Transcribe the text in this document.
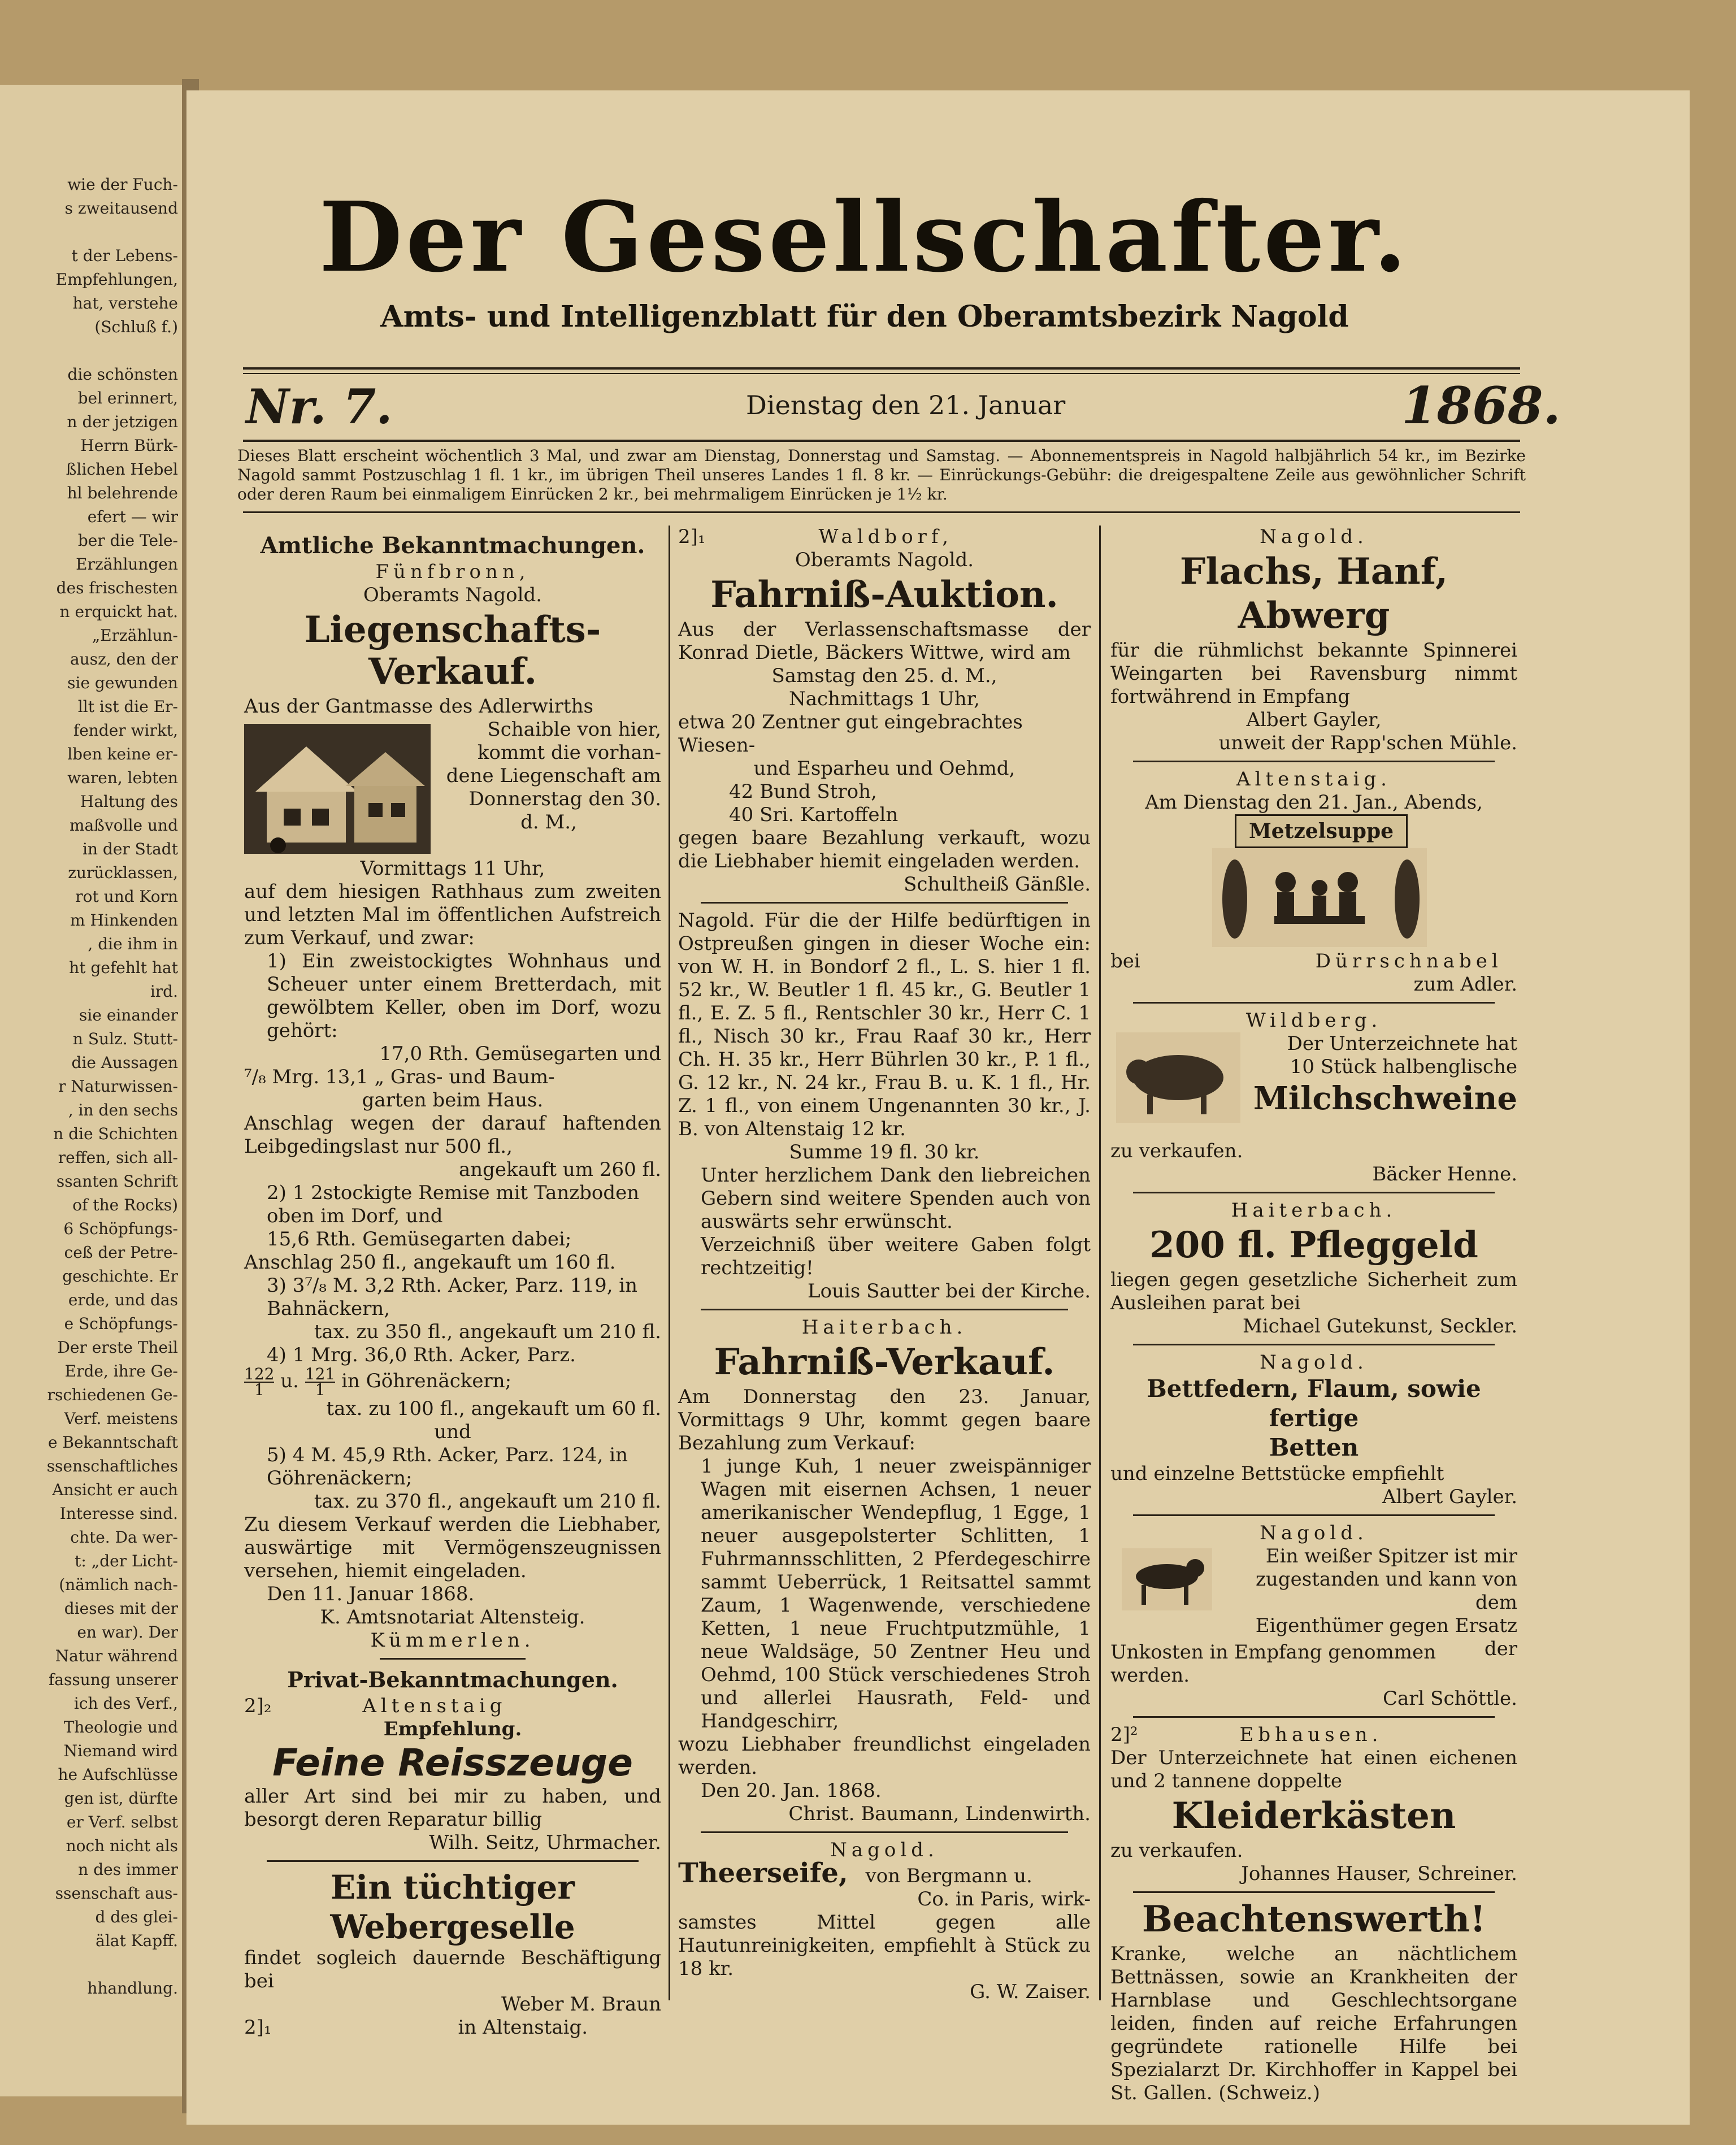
wie der Fuch-
s zweitausend
t der Lebens-
Empfehlungen,
hat, verstehe
(Schluß f.)
die schönsten
bel erinnert,
n der jetzigen
Herrn Bürk-
ßlichen Hebel
hl belehrende
efert — wir
ber die Tele-
Erzählungen
des frischesten
n erquickt hat.
„Erzählun-
ausz, den der
sie gewunden
llt ist die Er-
fender wirkt,
lben keine er-
waren, lebten
Haltung des
maßvolle und
in der Stadt
zurücklassen,
rot und Korn
m Hinkenden
, die ihm in
ht gefehlt hat
ird.
sie einander
n Sulz. Stutt-
die Aussagen
r Naturwissen-
, in den sechs
n die Schichten
reffen, sich all-
ssanten Schrift
of the Rocks)
6 Schöpfungs-
ceß der Petre-
geschichte. Er
erde, und das
e Schöpfungs-
Der erste Theil
Erde, ihre Ge-
rschiedenen Ge-
Verf. meistens
e Bekanntschaft
ssenschaftliches
Ansicht er auch
Interesse sind.
chte. Da wer-
t: „der Licht-
(nämlich nach-
dieses mit der
en war). Der
Natur während
fassung unserer
ich des Verf.,
Theologie und
Niemand wird
he Aufschlüsse
gen ist, dürfte
er Verf. selbst
noch nicht als
n des immer
ssenschaft aus-
d des glei-
älat Kapff.
hhandlung.
Der Gesellschafter.
Amts- und Intelligenzblatt für den Oberamtsbezirk Nagold
Nr. 7.	Dienstag den 21. Januar	1868.
Dieses Blatt erscheint wöchentlich 3 Mal, und zwar am Dienstag, Donnerstag und Samstag. — Abonnementspreis in Nagold halbjährlich 54 kr., im Bezirke Nagold sammt Postzuschlag 1 fl. 1 kr., im übrigen Theil unseres Landes 1 fl. 8 kr. — Einrückungs-Gebühr: die dreigespaltene Zeile aus gewöhnlicher Schrift oder deren Raum bei einmaligem Einrücken 2 kr., bei mehrmaligem Einrücken je 1½ kr.

Amtliche Bekanntmachungen.

Fünfbronn,

Oberamts Nagold.

Liegenschafts-Verkauf.

Aus der Gantmasse des Adlerwirths

Schaible von hier,

kommt die vorhan-

dene Liegenschaft am

Donnerstag den 30.

d. M.,

Vormittags 11 Uhr,

auf dem hiesigen Rathhaus zum zweiten und letzten Mal im öffentlichen Aufstreich zum Verkauf, und zwar:

1) Ein zweistockigtes Wohnhaus und Scheuer unter einem Bretterdach, mit gewölbtem Keller, oben im Dorf, wozu gehört:

17,0 Rth. Gemüsegarten und

⁷/₈ Mrg. 13,1 „ Gras- und Baum-

garten beim Haus.

Anschlag wegen der darauf haftenden Leibgedingslast nur 500 fl.,

angekauft um 260 fl.

2) 1 2stockigte Remise mit Tanzboden oben im Dorf, und

15,6 Rth. Gemüsegarten dabei;

Anschlag 250 fl., angekauft um 160 fl.

3) 3⁷/₈ M. 3,2 Rth. Acker, Parz. 119, in Bahnäckern,

tax. zu 350 fl., angekauft um 210 fl.

4) 1 Mrg. 36,0 Rth. Acker, Parz.

$\frac{122}{1} u$. $\frac{121}{1}$ in Göhrenäckern;

tax. zu 100 fl., angekauft um 60 fl.

und

5) 4 M. 45,9 Rth. Acker, Parz. 124, in Göhrenäckern;

tax. zu 370 fl., angekauft um 210 fl.

Zu diesem Verkauf werden die Liebhaber, auswärtige mit Vermögenszeugnissen versehen, hiemit eingeladen.

Den 11. Januar 1868.

K. Amtsnotariat Altensteig.

Kümmerlen.

Privat-Bekanntmachungen.

2]₂	Altenstaig

Empfehlung.

Feine Reisszeuge

aller Art sind bei mir zu haben, und besorgt deren Reparatur billig

Wilh. Seitz, Uhrmacher.

Ein tüchtiger Webergeselle

findet sogleich dauernde Beschäftigung bei

Weber M. Braun

2]₁	in Altenstaig.

2]₁	Waldborf,

Oberamts Nagold.

Fahrniß-Auktion.

Aus der Verlassenschaftsmasse der Konrad Dietle, Bäckers Wittwe, wird am

Samstag den 25. d. M.,

Nachmittags 1 Uhr,

etwa 20 Zentner gut eingebrachtes Wiesen-

und Esparheu und Oehmd,

42 Bund Stroh,

40 Sri. Kartoffeln

gegen baare Bezahlung verkauft, wozu die Liebhaber hiemit eingeladen werden.

Schultheiß Gänßle.

Nagold. Für die der Hilfe bedürftigen in Ostpreußen gingen in dieser Woche ein: von W. H. in Bondorf 2 fl., L. S. hier 1 fl. 52 kr., W. Beutler 1 fl. 45 kr., G. Beutler 1 fl., E. Z. 5 fl., Rentschler 30 kr., Herr C. 1 fl., Nisch 30 kr., Frau Raaf 30 kr., Herr Ch. H. 35 kr., Herr Bührlen 30 kr., P. 1 fl., G. 12 kr., N. 24 kr., Frau B. u. K. 1 fl., Hr. Z. 1 fl., von einem Ungenannten 30 kr., J. B. von Altenstaig 12 kr.

Summe 19 fl. 30 kr.

Unter herzlichem Dank den liebreichen Gebern sind weitere Spenden auch von auswärts sehr erwünscht.

Verzeichniß über weitere Gaben folgt rechtzeitig!

Louis Sautter bei der Kirche.

Haiterbach.

Fahrniß-Verkauf.

Am Donnerstag den 23. Januar, Vormittags 9 Uhr, kommt gegen baare Bezahlung zum Verkauf:

1 junge Kuh, 1 neuer zweispänniger Wagen mit eisernen Achsen, 1 neuer amerikanischer Wendepflug, 1 Egge, 1 neuer ausgepolsterter Schlitten, 1 Fuhrmannsschlitten, 2 Pferdegeschirre sammt Ueberrück, 1 Reitsattel sammt Zaum, 1 Wagenwende, verschiedene Ketten, 1 neue Fruchtputzmühle, 1 neue Waldsäge, 50 Zentner Heu und Oehmd, 100 Stück verschiedenes Stroh und allerlei Hausrath, Feld- und Handgeschirr,

wozu Liebhaber freundlichst eingeladen werden.

Den 20. Jan. 1868.

Christ. Baumann, Lindenwirth.

Nagold.

Theerseife, von Bergmann u.

Co. in Paris, wirk-

samstes Mittel gegen alle Hautunreinigkeiten, empfiehlt à Stück zu 18 kr.

G. W. Zaiser.

Nagold.

Flachs, Hanf,

Abwerg

für die rühmlichst bekannte Spinnerei Weingarten bei Ravensburg nimmt fortwährend in Empfang

Albert Gayler,

unweit der Rapp'schen Mühle.

Altenstaig.

Am Dienstag den 21. Jan., Abends,

Metzelsuppe

bei	Dürrschnabel

zum Adler.

Wildberg.

Der Unterzeichnete hat

10 Stück halbenglische

Milchschweine

zu verkaufen.

Bäcker Henne.

Haiterbach.

200 fl. Pfleggeld

liegen gegen gesetzliche Sicherheit zum Ausleihen parat bei

Michael Gutekunst, Seckler.

Nagold.

Bettfedern, Flaum, sowie fertige

Betten

und einzelne Bettstücke empfiehlt

Albert Gayler.

Nagold.

Ein weißer Spitzer ist mir

zugestanden und kann von dem

Eigenthümer gegen Ersatz der

Unkosten in Empfang genommen werden.

Carl Schöttle.

2]²	Ebhausen.

Der Unterzeichnete hat einen eichenen und 2 tannene doppelte

Kleiderkästen

zu verkaufen.

Johannes Hauser, Schreiner.

Beachtenswerth!

Kranke, welche an nächtlichem Bettnässen, sowie an Krankheiten der Harnblase und Geschlechtsorgane leiden, finden auf reiche Erfahrungen gegründete rationelle Hilfe bei Spezialarzt Dr. Kirchhoffer in Kappel bei St. Gallen. (Schweiz.)
